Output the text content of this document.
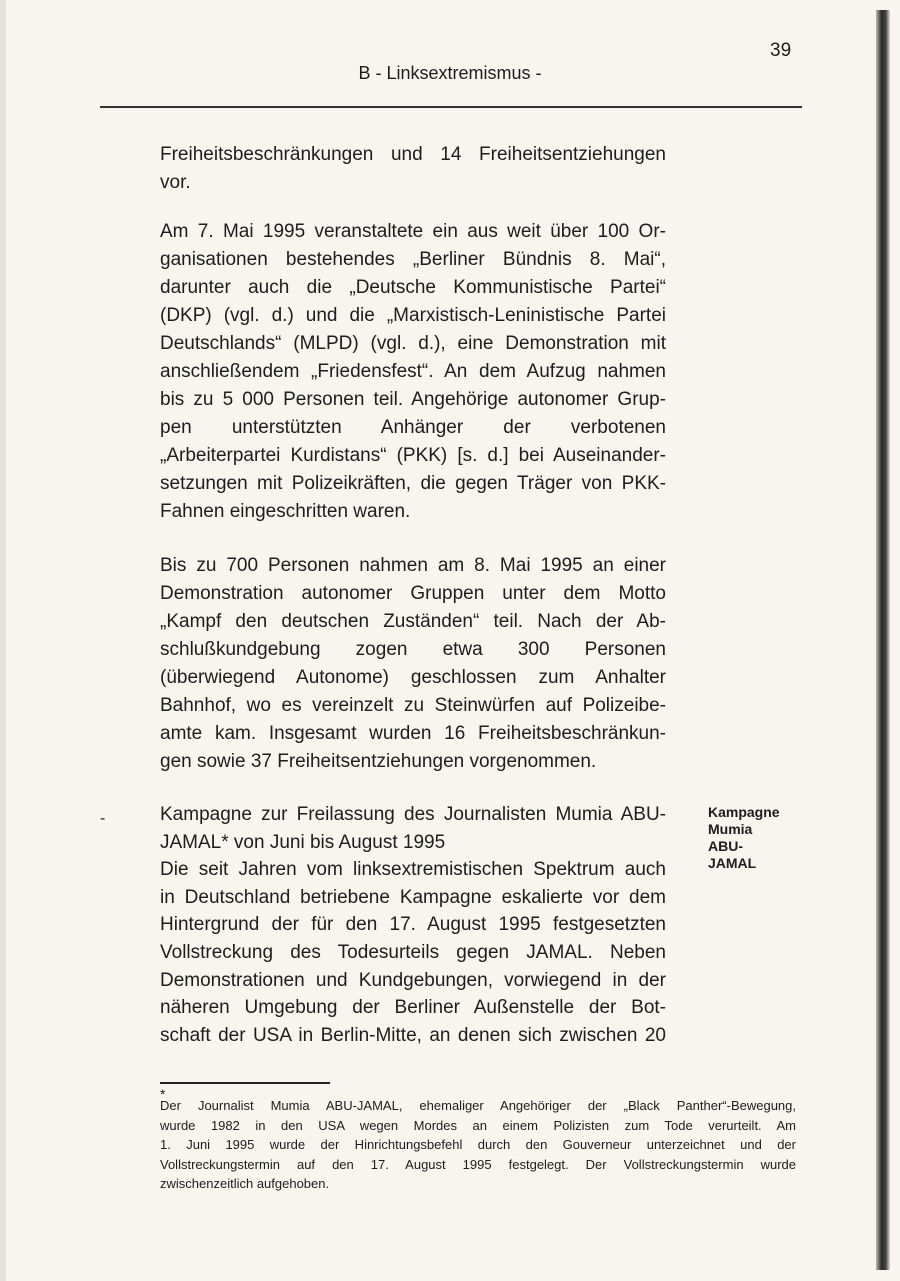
39
B - Linksextremismus -
Freiheitsbeschränkungen und 14 Freiheitsentziehungen
vor.
Am 7. Mai 1995 veranstaltete ein aus weit über 100 Or-
ganisationen bestehendes „Berliner Bündnis 8. Mai“,
darunter auch die „Deutsche Kommunistische Partei“
(DKP) (vgl. d.) und die „Marxistisch-Leninistische Partei
Deutschlands“ (MLPD) (vgl. d.), eine Demonstration mit
anschließendem „Friedensfest“. An dem Aufzug nahmen
bis zu 5 000 Personen teil. Angehörige autonomer Grup-
pen unterstützten Anhänger der verbotenen
„Arbeiterpartei Kurdistans“ (PKK) [s. d.] bei Auseinander-
setzungen mit Polizeikräften, die gegen Träger von PKK-
Fahnen eingeschritten waren.
Bis zu 700 Personen nahmen am 8. Mai 1995 an einer
Demonstration autonomer Gruppen unter dem Motto
„Kampf den deutschen Zuständen“ teil. Nach der Ab-
schlußkundgebung zogen etwa 300 Personen
(überwiegend Autonome) geschlossen zum Anhalter
Bahnhof, wo es vereinzelt zu Steinwürfen auf Polizeibe-
amte kam. Insgesamt wurden 16 Freiheitsbeschränkun-
gen sowie 37 Freiheitsentziehungen vorgenommen.
-	Kampagne zur Freilassung des Journalisten Mumia ABU-
JAMAL* von Juni bis August 1995
Die seit Jahren vom linksextremistischen Spektrum auch
in Deutschland betriebene Kampagne eskalierte vor dem
Hintergrund der für den 17. August 1995 festgesetzten
Vollstreckung des Todesurteils gegen JAMAL. Neben
Demonstrationen und Kundgebungen, vorwiegend in der
näheren Umgebung der Berliner Außenstelle der Bot-
schaft der USA in Berlin-Mitte, an denen sich zwischen 20
Kampagne
Mumia
ABU-
JAMAL
*
Der Journalist Mumia ABU-JAMAL, ehemaliger Angehöriger der „Black Panther“-Bewegung,
wurde 1982 in den USA wegen Mordes an einem Polizisten zum Tode verurteilt. Am
1. Juni 1995 wurde der Hinrichtungsbefehl durch den Gouverneur unterzeichnet und der
Vollstreckungstermin auf den 17. August 1995 festgelegt. Der Vollstreckungstermin wurde
zwischenzeitlich aufgehoben.
